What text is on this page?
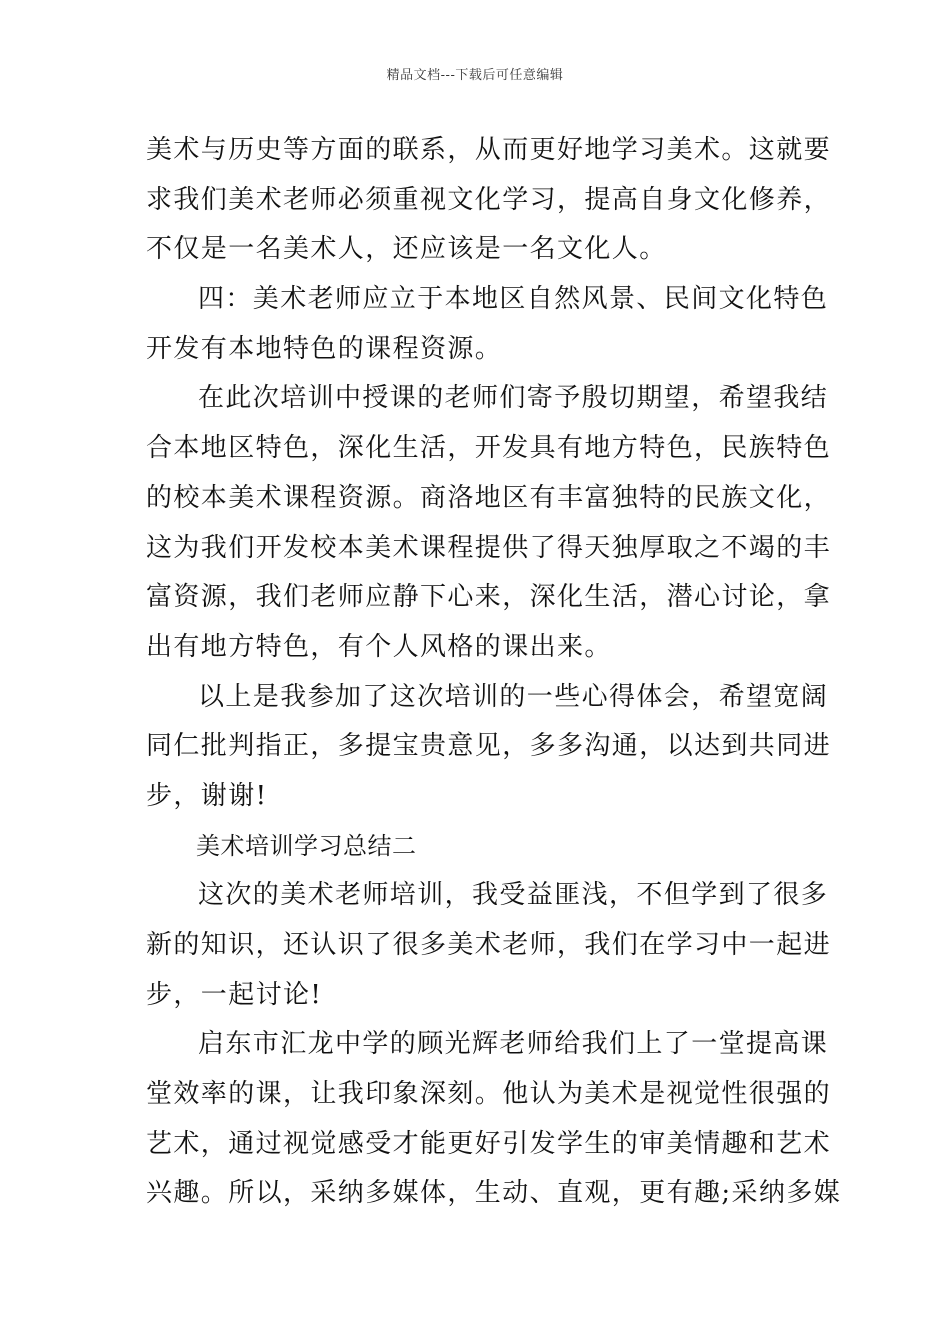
精品文档---下载后可任意编辑
美术与历史等方面的联系，从而更好地学习美术。这就要
求我们美术老师必须重视文化学习，提高自身文化修养，
不仅是一名美术人，还应该是一名文化人。
四：美术老师应立于本地区自然风景、民间文化特色
开发有本地特色的课程资源。
在此次培训中授课的老师们寄予殷切期望，希望我结
合本地区特色，深化生活，开发具有地方特色，民族特色
的校本美术课程资源。商洛地区有丰富独特的民族文化，
这为我们开发校本美术课程提供了得天独厚取之不竭的丰
富资源，我们老师应静下心来，深化生活，潜心讨论，拿
出有地方特色，有个人风格的课出来。
以上是我参加了这次培训的一些心得体会，希望宽阔
同仁批判指正，多提宝贵意见，多多沟通，以达到共同进
步，谢谢!
美术培训学习总结二
这次的美术老师培训，我受益匪浅，不但学到了很多
新的知识，还认识了很多美术老师，我们在学习中一起进
步，一起讨论!
启东市汇龙中学的顾光辉老师给我们上了一堂提高课
堂效率的课，让我印象深刻。他认为美术是视觉性很强的
艺术，通过视觉感受才能更好引发学生的审美情趣和艺术
兴趣。所以，采纳多媒体，生动、直观，更有趣;采纳多媒
